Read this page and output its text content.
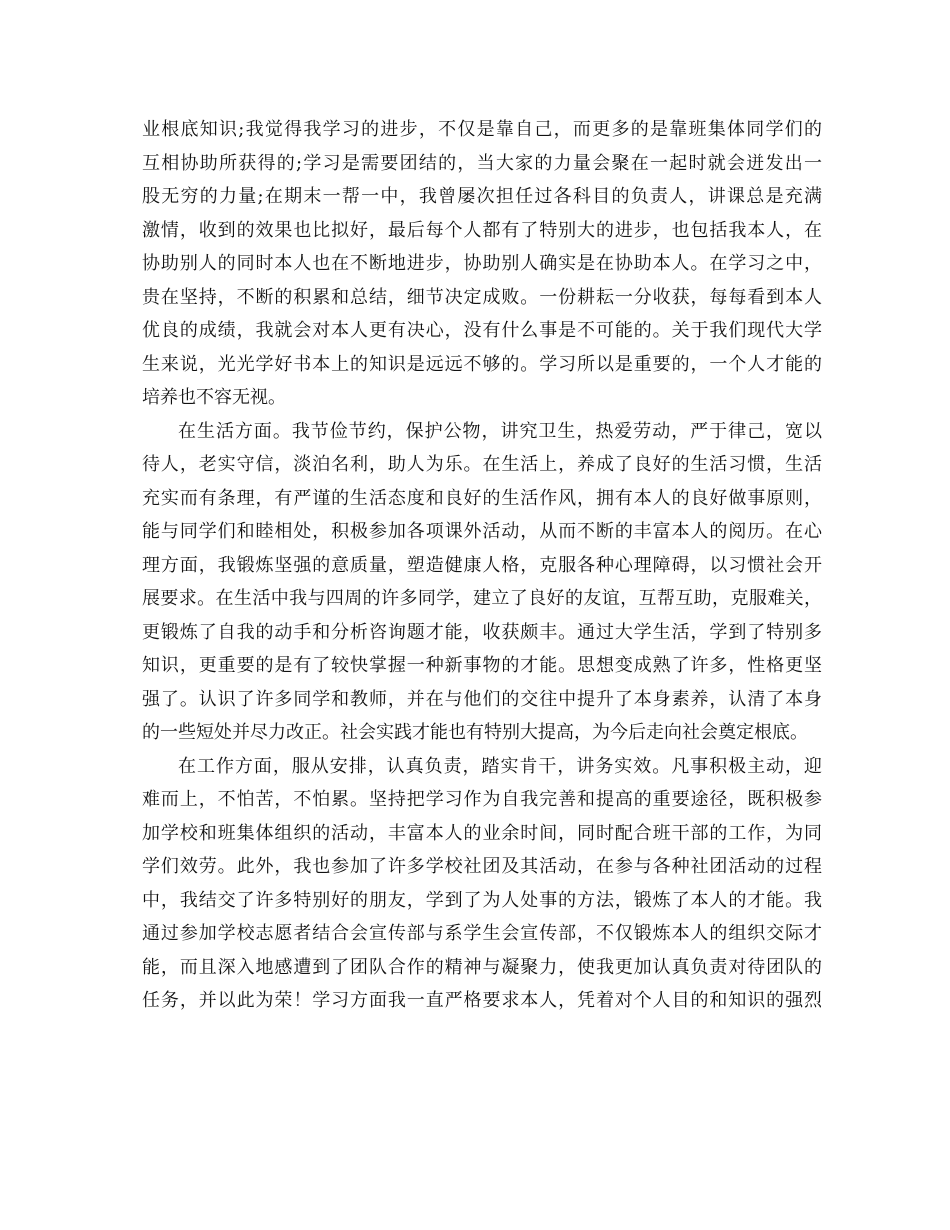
业根底知识;我觉得我学习的进步，不仅是靠自己，而更多的是靠班集体同学们的
互相协助所获得的;学习是需要团结的，当大家的力量会聚在一起时就会迸发出一
股无穷的力量;在期末一帮一中，我曾屡次担任过各科目的负责人，讲课总是充满
激情，收到的效果也比拟好，最后每个人都有了特别大的进步，也包括我本人，在
协助别人的同时本人也在不断地进步，协助别人确实是在协助本人。在学习之中，
贵在坚持，不断的积累和总结，细节决定成败。一份耕耘一分收获，每每看到本人
优良的成绩，我就会对本人更有决心，没有什么事是不可能的。关于我们现代大学
生来说，光光学好书本上的知识是远远不够的。学习所以是重要的，一个人才能的
培养也不容无视。
在生活方面。我节俭节约，保护公物，讲究卫生，热爱劳动，严于律己，宽以
待人，老实守信，淡泊名利，助人为乐。在生活上，养成了良好的生活习惯，生活
充实而有条理，有严谨的生活态度和良好的生活作风，拥有本人的良好做事原则，
能与同学们和睦相处，积极参加各项课外活动，从而不断的丰富本人的阅历。在心
理方面，我锻炼坚强的意质量，塑造健康人格，克服各种心理障碍，以习惯社会开
展要求。在生活中我与四周的许多同学，建立了良好的友谊，互帮互助，克服难关，
更锻炼了自我的动手和分析咨询题才能，收获颇丰。通过大学生活，学到了特别多
知识，更重要的是有了较快掌握一种新事物的才能。思想变成熟了许多，性格更坚
强了。认识了许多同学和教师，并在与他们的交往中提升了本身素养，认清了本身
的一些短处并尽力改正。社会实践才能也有特别大提高，为今后走向社会奠定根底。
在工作方面，服从安排，认真负责，踏实肯干，讲务实效。凡事积极主动，迎
难而上，不怕苦，不怕累。坚持把学习作为自我完善和提高的重要途径，既积极参
加学校和班集体组织的活动，丰富本人的业余时间，同时配合班干部的工作，为同
学们效劳。此外，我也参加了许多学校社团及其活动，在参与各种社团活动的过程
中，我结交了许多特别好的朋友，学到了为人处事的方法，锻炼了本人的才能。我
通过参加学校志愿者结合会宣传部与系学生会宣传部，不仅锻炼本人的组织交际才
能，而且深入地感遭到了团队合作的精神与凝聚力，使我更加认真负责对待团队的
任务，并以此为荣！学习方面我一直严格要求本人，凭着对个人目的和知识的强烈
